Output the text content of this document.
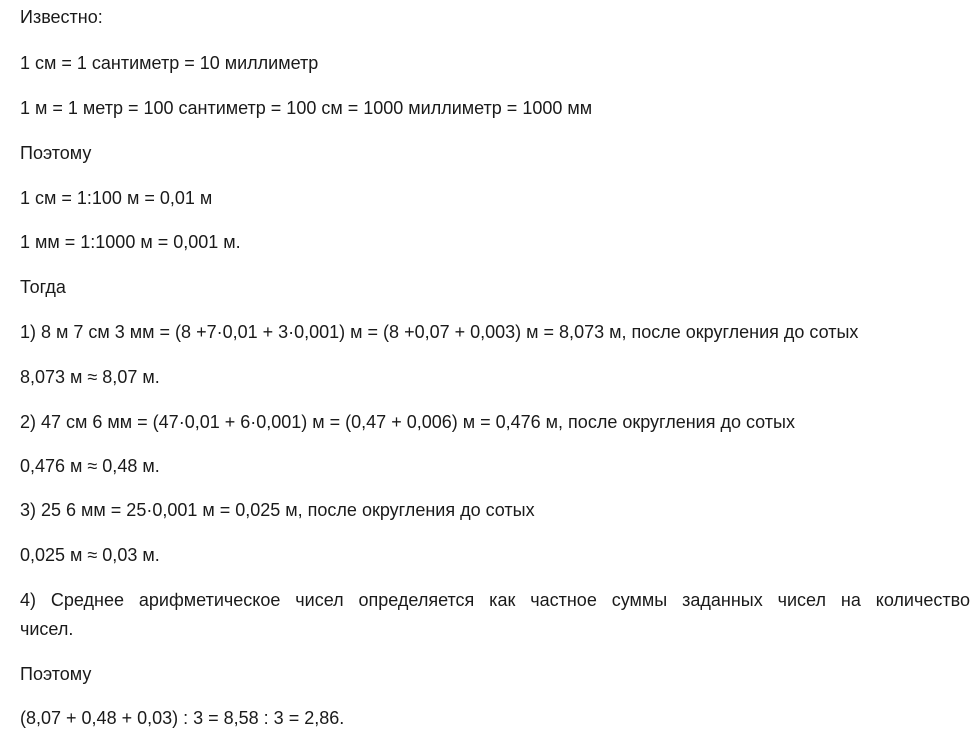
Известно:
1 см = 1 сантиметр = 10 миллиметр
1 м = 1 метр = 100 сантиметр = 100 см = 1000 миллиметр = 1000 мм
Поэтому
1 см = 1:100 м = 0,01 м
1 мм = 1:1000 м = 0,001 м.
Тогда
1) 8 м 7 см 3 мм = (8 +7·0,01 + 3·0,001) м = (8 +0,07 + 0,003) м = 8,073 м, после округления до сотых
8,073 м ≈ 8,07 м.
2) 47 см 6 мм = (47·0,01 + 6·0,001) м = (0,47 + 0,006) м = 0,476 м, после округления до сотых
0,476 м ≈ 0,48 м.
3) 25 6 мм = 25·0,001 м = 0,025 м, после округления до сотых
0,025 м ≈ 0,03 м.
4) Среднее арифметическое чисел определяется как частное суммы заданных чисел на количество
чисел.
Поэтому
(8,07 + 0,48 + 0,03) : 3 = 8,58 : 3 = 2,86.
